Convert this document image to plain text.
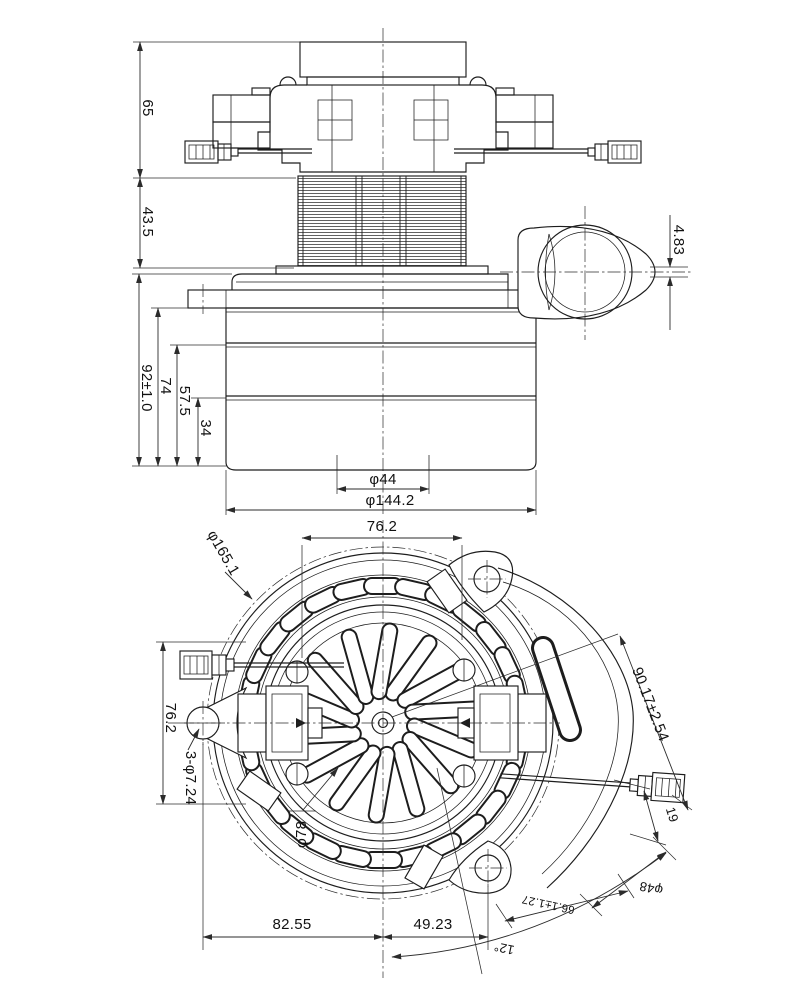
65
43.5
92±1.0 74 57.5
34
φ44
φ144.2
4.83
76.2
φ165.1
76.2
3-φ7.24
φ78
82.55	49.23
90.17±2.54
19
66.1±1.27
φ48
12°
